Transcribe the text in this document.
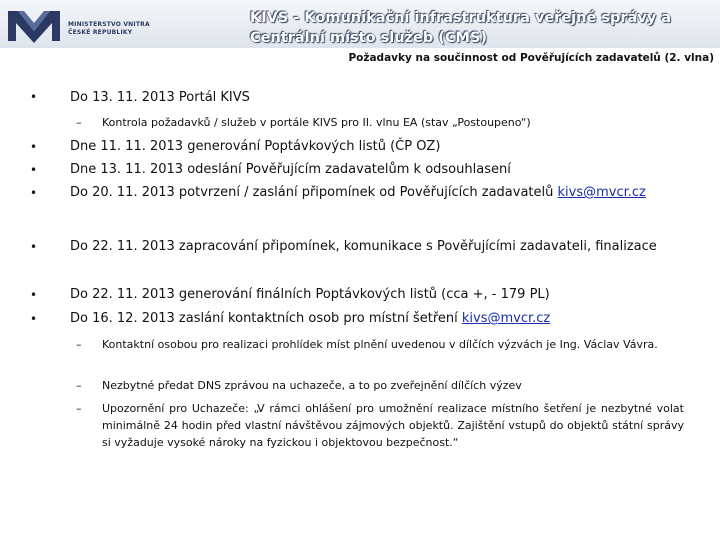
MINISTERSTVO VNITRA
ČESKÉ REPUBLIKY
KIVS - Komunikační infrastruktura veřejné správy a Centrální místo služeb (CMS)
Požadavky na součinnost od Pověřujících zadavatelů (2. vlna)
•	Do 13. 11. 2013 Portál KIVS
– Kontrola požadavků / služeb v portále KIVS pro II. vlnu EA (stav „Postoupeno“)
•	Dne 11. 11. 2013 generování Poptávkových listů (ČP OZ)
•	Dne 13. 11. 2013 odeslání Pověřujícím zadavatelům k odsouhlasení
•	Do 20. 11. 2013 potvrzení / zaslání připomínek od Pověřujících zadavatelů kivs@mvcr.cz
•	Do 22. 11. 2013 zapracování připomínek, komunikace s Pověřujícími zadavateli, finalizace
•	Do 22. 11. 2013 generování finálních Poptávkových listů (cca +, - 179 PL)
•	Do 16. 12. 2013 zaslání kontaktních osob pro místní šetření kivs@mvcr.cz
– Kontaktní osobou pro realizaci prohlídek míst plnění uvedenou v dílčích výzvách je Ing. Václav Vávra.
– Nezbytné předat DNS zprávou na uchazeče, a to po zveřejnění dílčích výzev
– Upozornění pro Uchazeče: „V rámci ohlášení pro umožnění realizace místního šetření je nezbytné volat minimálně 24 hodin před vlastní návštěvou zájmových objektů. Zajištění vstupů do objektů státní správy si vyžaduje vysoké nároky na fyzickou i objektovou bezpečnost.“
